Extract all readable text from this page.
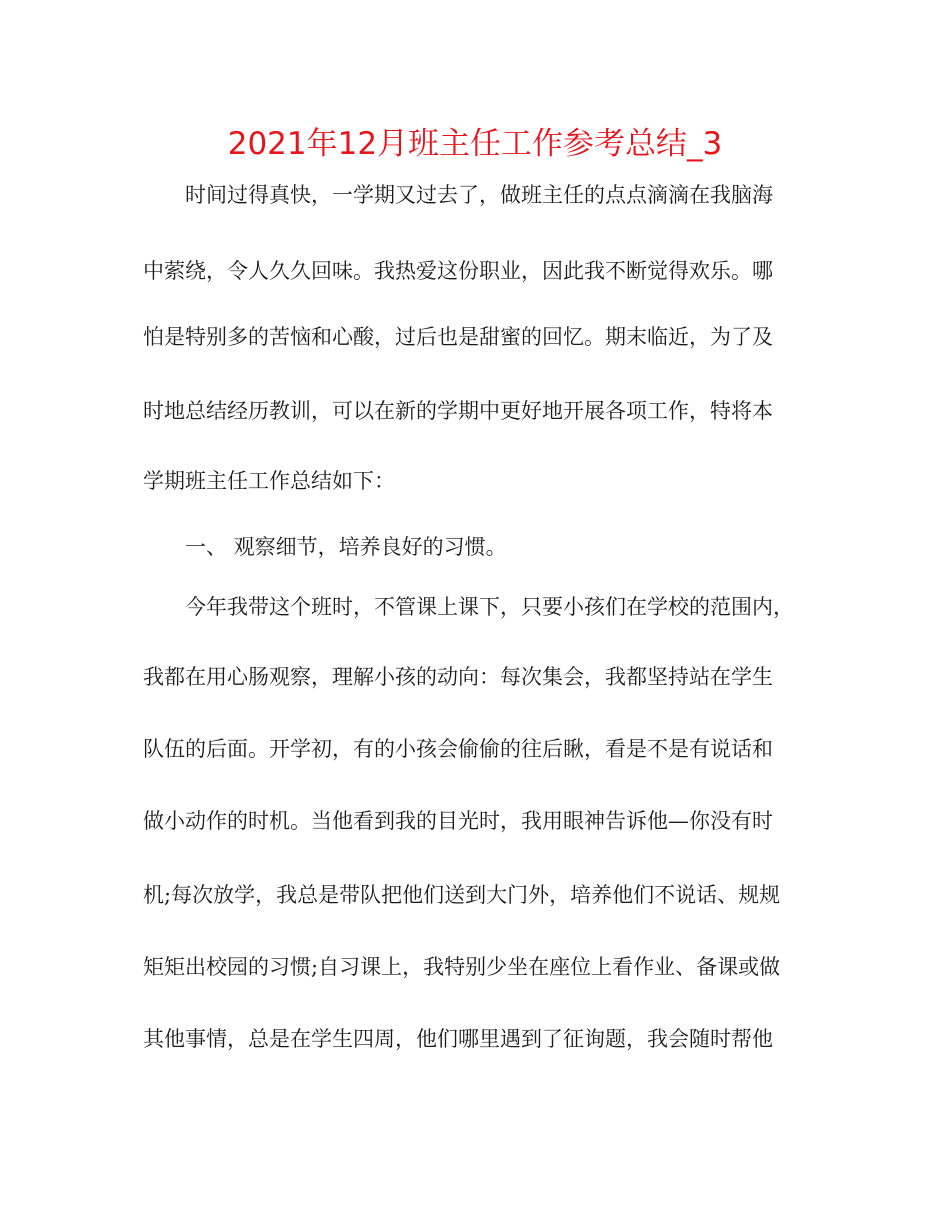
2021年12月班主任工作参考总结_3
时间过得真快，一学期又过去了，做班主任的点点滴滴在我脑海
中萦绕，令人久久回味。我热爱这份职业，因此我不断觉得欢乐。哪
怕是特别多的苦恼和心酸，过后也是甜蜜的回忆。期末临近，为了及
时地总结经历教训，可以在新的学期中更好地开展各项工作，特将本
学期班主任工作总结如下：
一、 观察细节，培养良好的习惯。
今年我带这个班时，不管课上课下，只要小孩们在学校的范围内，
我都在用心肠观察，理解小孩的动向：每次集会，我都坚持站在学生
队伍的后面。开学初，有的小孩会偷偷的往后瞅，看是不是有说话和
做小动作的时机。当他看到我的目光时，我用眼神告诉他—你没有时
机;每次放学，我总是带队把他们送到大门外，培养他们不说话、规规
矩矩出校园的习惯;自习课上，我特别少坐在座位上看作业、备课或做
其他事情，总是在学生四周，他们哪里遇到了征询题，我会随时帮他
